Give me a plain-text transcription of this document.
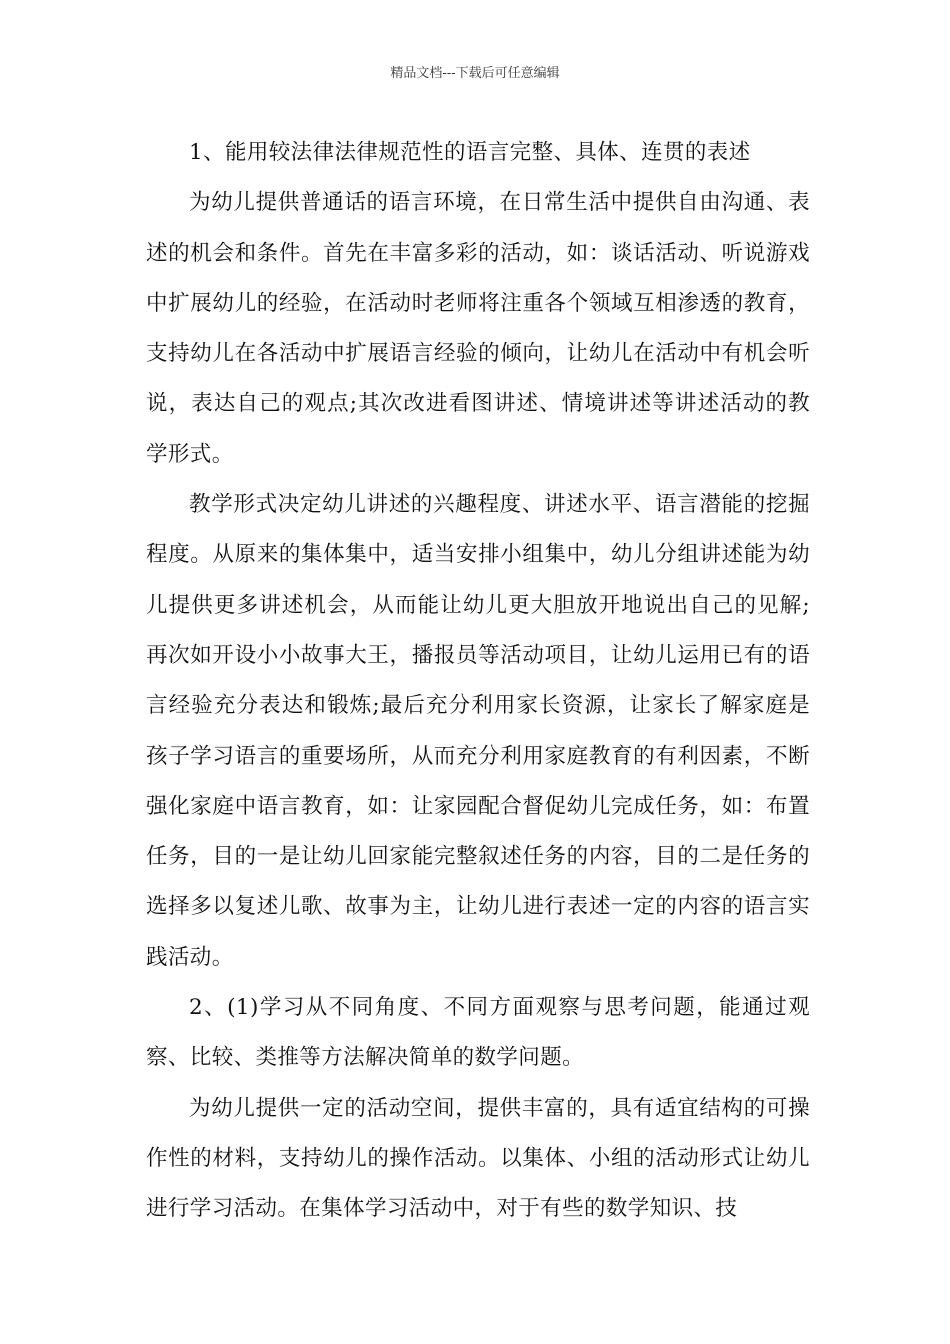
精品文档---下载后可任意编辑

1、能用较法律法律规范性的语言完整、具体、连贯的表述

为幼儿提供普通话的语言环境，在日常生活中提供自由沟通、表述的机会和条件。首先在丰富多彩的活动，如：谈话活动、听说游戏中扩展幼儿的经验，在活动时老师将注重各个领域互相渗透的教育，支持幼儿在各活动中扩展语言经验的倾向，让幼儿在活动中有机会听说，表达自己的观点;其次改进看图讲述、情境讲述等讲述活动的教学形式。

教学形式决定幼儿讲述的兴趣程度、讲述水平、语言潜能的挖掘程度。从原来的集体集中，适当安排小组集中，幼儿分组讲述能为幼儿提供更多讲述机会，从而能让幼儿更大胆放开地说出自己的见解;再次如开设小小故事大王，播报员等活动项目，让幼儿运用已有的语言经验充分表达和锻炼;最后充分利用家长资源，让家长了解家庭是孩子学习语言的重要场所，从而充分利用家庭教育的有利因素，不断强化家庭中语言教育，如：让家园配合督促幼儿完成任务，如：布置任务，目的一是让幼儿回家能完整叙述任务的内容，目的二是任务的选择多以复述儿歌、故事为主，让幼儿进行表述一定的内容的语言实践活动。

2、(1)学习从不同角度、不同方面观察与思考问题，能通过观察、比较、类推等方法解决简单的数学问题。

为幼儿提供一定的活动空间，提供丰富的，具有适宜结构的可操作性的材料，支持幼儿的操作活动。以集体、小组的活动形式让幼儿进行学习活动。在集体学习活动中，对于有些的数学知识、技
